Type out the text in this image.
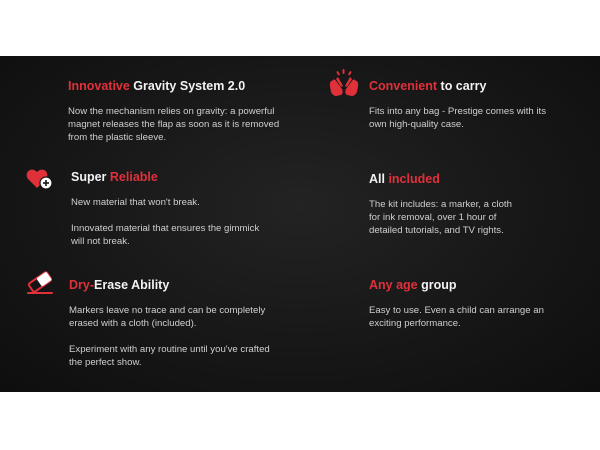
Innovative Gravity System 2.0

Now the mechanism relies on gravity: a powerful
magnet releases the flap as soon as it is removed
from the plastic sleeve.

Convenient to carry

Fits into any bag - Prestige comes with its
own high-quality case.

Super Reliable

New material that won't break.

Innovated material that ensures the gimmick
will not break.

All included

The kit includes: a marker, a cloth
for ink removal, over 1 hour of
detailed tutorials, and TV rights.

Dry-Erase Ability

Markers leave no trace and can be completely
erased with a cloth (included).

Experiment with any routine until you've crafted
the perfect show.

Any age group

Easy to use. Even a child can arrange an
exciting performance.
